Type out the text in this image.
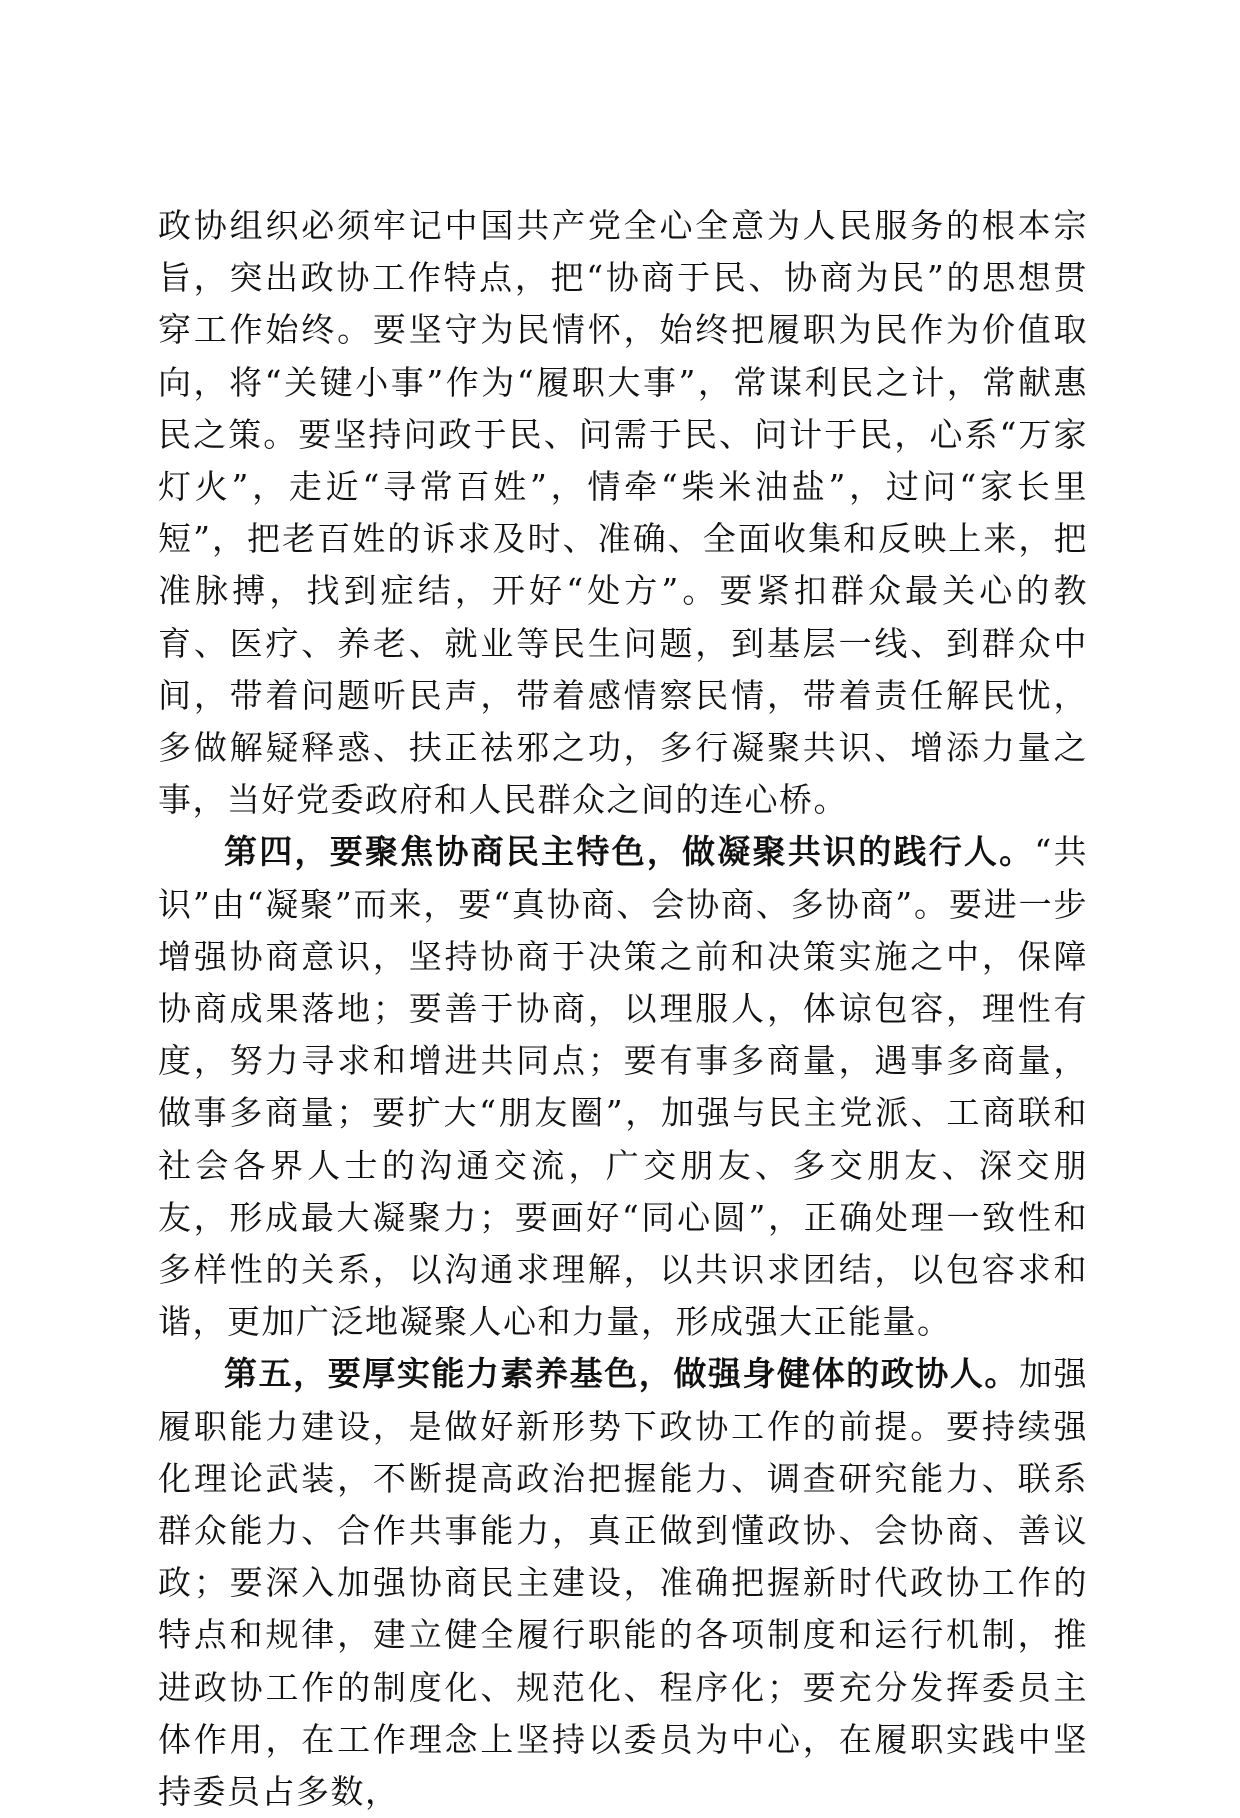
政协组织必须牢记中国共产党全心全意为人民服务的根本宗旨，突出政协工作特点，把“协商于民、协商为民”的思想贯穿工作始终。要坚守为民情怀，始终把履职为民作为价值取向，将“关键小事”作为“履职大事”，常谋利民之计，常献惠民之策。要坚持问政于民、问需于民、问计于民，心系“万家灯火”，走近“寻常百姓”，情牵“柴米油盐”，过问“家长里短”，把老百姓的诉求及时、准确、全面收集和反映上来，把准脉搏，找到症结，开好“处方”。要紧扣群众最关心的教育、医疗、养老、就业等民生问题，到基层一线、到群众中间，带着问题听民声，带着感情察民情，带着责任解民忧，多做解疑释惑、扶正祛邪之功，多行凝聚共识、增添力量之事，当好党委政府和人民群众之间的连心桥。

第四，要聚焦协商民主特色，做凝聚共识的践行人。“共识”由“凝聚”而来，要“真协商、会协商、多协商”。要进一步增强协商意识，坚持协商于决策之前和决策实施之中，保障协商成果落地；要善于协商，以理服人，体谅包容，理性有度，努力寻求和增进共同点；要有事多商量，遇事多商量，做事多商量；要扩大“朋友圈”，加强与民主党派、工商联和社会各界人士的沟通交流，广交朋友、多交朋友、深交朋友，形成最大凝聚力；要画好“同心圆”，正确处理一致性和多样性的关系，以沟通求理解，以共识求团结，以包容求和谐，更加广泛地凝聚人心和力量，形成强大正能量。

第五，要厚实能力素养基色，做强身健体的政协人。加强履职能力建设，是做好新形势下政协工作的前提。要持续强化理论武装，不断提高政治把握能力、调查研究能力、联系群众能力、合作共事能力，真正做到懂政协、会协商、善议政；要深入加强协商民主建设，准确把握新时代政协工作的特点和规律，建立健全履行职能的各项制度和运行机制，推进政协工作的制度化、规范化、程序化；要充分发挥委员主体作用，在工作理念上坚持以委员为中心，在履职实践中坚持委员占多数，
